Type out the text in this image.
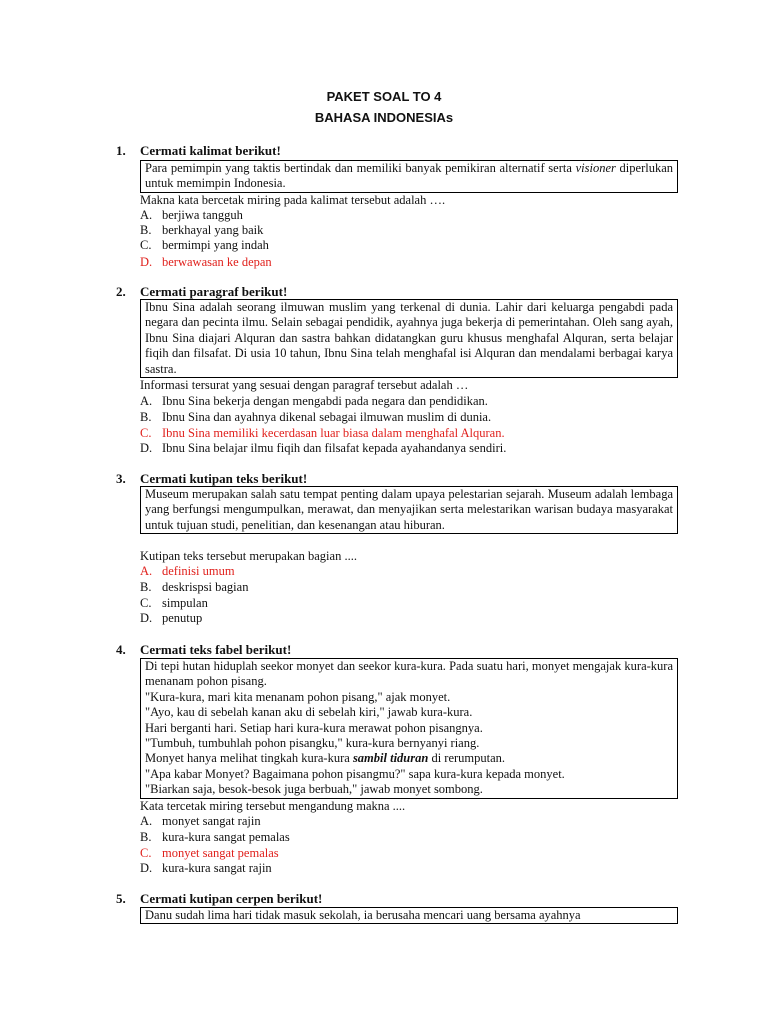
PAKET SOAL TO 4
BAHASA INDONESIAs
1. Cermati kalimat berikut!
Para pemimpin yang taktis bertindak dan memiliki banyak pemikiran alternatif serta visioner diperlukan untuk memimpin Indonesia.
Makna kata bercetak miring pada kalimat tersebut adalah ….
A. berjiwa tangguh
B. berkhayal yang baik
C. bermimpi yang indah
D. berwawasan ke depan
2. Cermati paragraf berikut!
Ibnu Sina adalah seorang ilmuwan muslim yang terkenal di dunia. Lahir dari keluarga pengabdi pada negara dan pecinta ilmu. Selain sebagai pendidik, ayahnya juga bekerja di pemerintahan. Oleh sang ayah, Ibnu Sina diajari Alquran dan sastra bahkan didatangkan guru khusus menghafal Alquran, serta belajar fiqih dan filsafat. Di usia 10 tahun, Ibnu Sina telah menghafal isi Alquran dan mendalami berbagai karya sastra.
Informasi tersurat yang sesuai dengan paragraf tersebut adalah …
A. Ibnu Sina bekerja dengan mengabdi pada negara dan pendidikan.
B. Ibnu Sina dan ayahnya dikenal sebagai ilmuwan muslim di dunia.
C. Ibnu Sina memiliki kecerdasan luar biasa dalam menghafal Alquran.
D. Ibnu Sina belajar ilmu fiqih dan filsafat kepada ayahandanya sendiri.
3. Cermati kutipan teks berikut!
Museum merupakan salah satu tempat penting dalam upaya pelestarian sejarah. Museum adalah lembaga yang berfungsi mengumpulkan, merawat, dan menyajikan serta melestarikan warisan budaya masyarakat untuk tujuan studi, penelitian, dan kesenangan atau hiburan.
Kutipan teks tersebut merupakan bagian ....
A. definisi umum
B. deskrispsi bagian
C. simpulan
D. penutup
4. Cermati teks fabel berikut!
Di tepi hutan hiduplah seekor monyet dan seekor kura-kura. Pada suatu hari, monyet mengajak kura-kura menanam pohon pisang.
"Kura-kura, mari kita menanam pohon pisang," ajak monyet.
"Ayo, kau di sebelah kanan aku di sebelah kiri," jawab kura-kura.
Hari berganti hari. Setiap hari kura-kura merawat pohon pisangnya.
"Tumbuh, tumbuhlah pohon pisangku," kura-kura bernyanyi riang.
Monyet hanya melihat tingkah kura-kura sambil tiduran di rerumputan.
"Apa kabar Monyet? Bagaimana pohon pisangmu?" sapa kura-kura kepada monyet.
"Biarkan saja, besok-besok juga berbuah," jawab monyet sombong.
Kata tercetak miring tersebut mengandung makna ....
A. monyet sangat rajin
B. kura-kura sangat pemalas
C. monyet sangat pemalas
D. kura-kura sangat rajin
5. Cermati kutipan cerpen berikut!
Danu sudah lima hari tidak masuk sekolah, ia berusaha mencari uang bersama ayahnya
